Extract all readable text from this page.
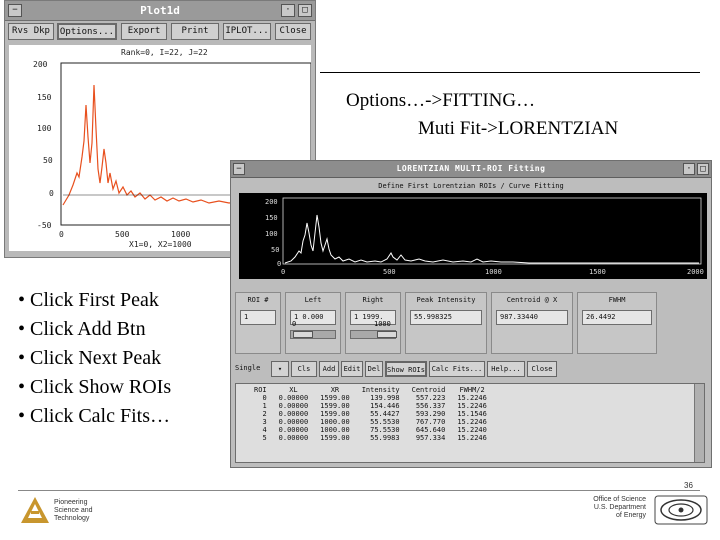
−	Plot1d	·	□
Rvs Dkp	Options...	Export	Print	IPLOT...	Close
Rank=0, I=22, J=22
200
150
100
50
0
-50
0	500	1000
X1=0, X2=1000
Options…->FITTING…
Muti Fit->LORENTZIAN
• Click First Peak
• Click Add Btn
• Click Next Peak
• Click Show ROIs
• Click Calc Fits…
−	LORENTZIAN MULTI-ROI Fitting	· □
Define First Lorentzian ROIs / Curve Fitting
200
150
100
50
0
0	500	1000	1500	2000
ROI #
1
Left
1 0.000
0
Right
1 1999.
1000
Peak Intensity
55.998325
Centroid @ X
987.33440
FWHM
26.4492
Single	▾	Cls	Add	Edit	Del Show ROIs Calc Fits...	Help...	Close
ROI	XL	XR	Intensity	Centroid	FWHM/2
0	0.00000	1599.00	139.998	557.223	15.2246
1	0.00000	1599.00	154.446	556.337	15.2246
2	0.00000	1599.00	55.4427	593.290	15.1546
3	0.00000	1000.00	55.5530	767.770	15.2246
4	0.00000	1000.00	75.5530	645.640	15.2240
5	0.00000	1599.00	55.9983	957.334	15.2246
36
Pioneering
Science and
Technology
Office of Science
U.S. Department
of Energy
